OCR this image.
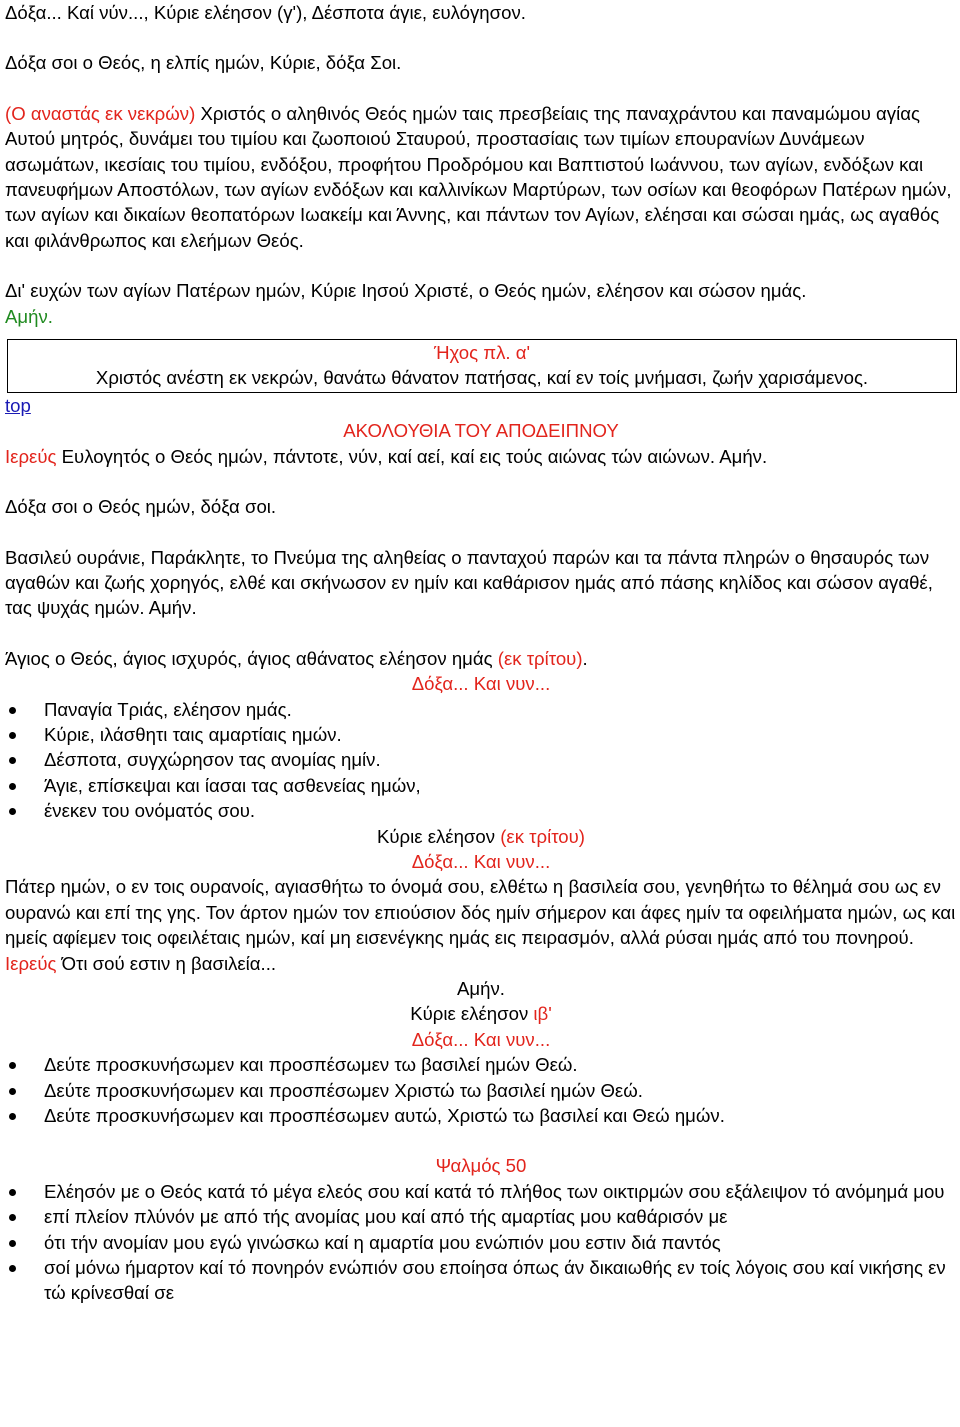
Δόξα... Καί νύν..., Κύριε ελέησον (γ'), Δέσποτα άγιε, ευλόγησον.

Δόξα σοι ο Θεός, η ελπίς ημών, Κύριε, δόξα Σοι.

(Ο αναστάς εκ νεκρών) Χριστός ο αληθινός Θεός ημών ταις πρεσβείαις της παναχράντου και παναμώμου αγίας Αυτού μητρός, δυνάμει του τιμίου και ζωοποιού Σταυρού, προστασίαις των τιμίων επουρανίων Δυνάμεων ασωμάτων, ικεσίαις του τιμίου, ενδόξου, προφήτου Προδρόμου και Βαπτιστού Ιωάννου, των αγίων, ενδόξων και πανευφήμων Αποστόλων, των αγίων ενδόξων και καλλινίκων Μαρτύρων, των οσίων και θεοφόρων Πατέρων ημών, των αγίων και δικαίων θεοπατόρων Ιωακείμ και Άννης, και πάντων τον Αγίων, ελέησαι και σώσαι ημάς, ως αγαθός και φιλάνθρωπος και ελεήμων Θεός.

Δι' ευχών των αγίων Πατέρων ημών, Κύριε Ιησού Χριστέ, ο Θεός ημών, ελέησον και σώσον ημάς.
Αμήν.

Ήχος πλ. α'
Χριστός ανέστη εκ νεκρών, θανάτω θάνατον πατήσας, καί εν τοίς μνήμασι, ζωήν χαρισάμενος.
top
ΑΚΟΛΟΥΘΙΑ ΤΟΥ ΑΠΟΔΕΙΠΝΟΥ

Ιερεύς Ευλογητός ο Θεός ημών, πάντοτε, νύν, καί αεί, καί εις τούς αιώνας τών αιώνων. Αμήν.

Δόξα σοι ο Θεός ημών, δόξα σοι.

Βασιλεύ ουράνιε, Παράκλητε, το Πνεύμα της αληθείας ο πανταχού παρών και τα πάντα πληρών ο θησαυρός των αγαθών και ζωής χορηγός, ελθέ και σκήνωσον εν ημίν και καθάρισον ημάς από πάσης κηλίδος και σώσον αγαθέ, τας ψυχάς ημών. Αμήν.

Άγιος ο Θεός, άγιος ισχυρός, άγιος αθάνατος ελέησον ημάς (εκ τρίτου).

Δόξα... Και νυν...
Παναγία Τριάς, ελέησον ημάς.
Κύριε, ιλάσθητι ταις αμαρτίαις ημών.
Δέσποτα, συγχώρησον τας ανομίας ημίν.
Άγιε, επίσκεψαι και ίασαι τας ασθενείας ημών,
ένεκεν του ονόματός σου.
Κύριε ελέησον (εκ τρίτου)
Δόξα... Και νυν...

Πάτερ ημών, ο εν τοις ουρανοίς, αγιασθήτω το όνομά σου, ελθέτω η βασιλεία σου, γενηθήτω το θέλημά σου ως εν ουρανώ και επί της γης. Τον άρτον ημών τον επιούσιον δός ημίν σήμερον και άφες ημίν τα οφειλήματα ημών, ως και ημείς αφίεμεν τοις οφειλέταις ημών, καί μη εισενέγκης ημάς εις πειρασμόν, αλλά ρύσαι ημάς από του πονηρού.

Ιερεύς Ότι σού εστιν η βασιλεία...

Αμήν.
Κύριε ελέησον ιβ'
Δόξα... Και νυν...
Δεύτε προσκυνήσωμεν και προσπέσωμεν τω βασιλεί ημών Θεώ.
Δεύτε προσκυνήσωμεν και προσπέσωμεν Χριστώ τω βασιλεί ημών Θεώ.
Δεύτε προσκυνήσωμεν και προσπέσωμεν αυτώ, Χριστώ τω βασιλεί και Θεώ ημών.
Ψαλμός 50
Ελέησόν με ο Θεός κατά τό μέγα ελεός σου καί κατά τό πλήθος των οικτιρμών σου εξάλειψον τό ανόμημά μου
επί πλείον πλύνόν με από τής ανομίας μου καί από τής αμαρτίας μου καθάρισόν με
ότι τήν ανομίαν μου εγώ γινώσκω καί η αμαρτία μου ενώπιόν μου εστιν διά παντός
σοί μόνω ήμαρτον καί τό πονηρόν ενώπιόν σου εποίησα όπως άν δικαιωθής εν τοίς λόγοις σου καί νικήσης εν τώ κρίνεσθαί σε
